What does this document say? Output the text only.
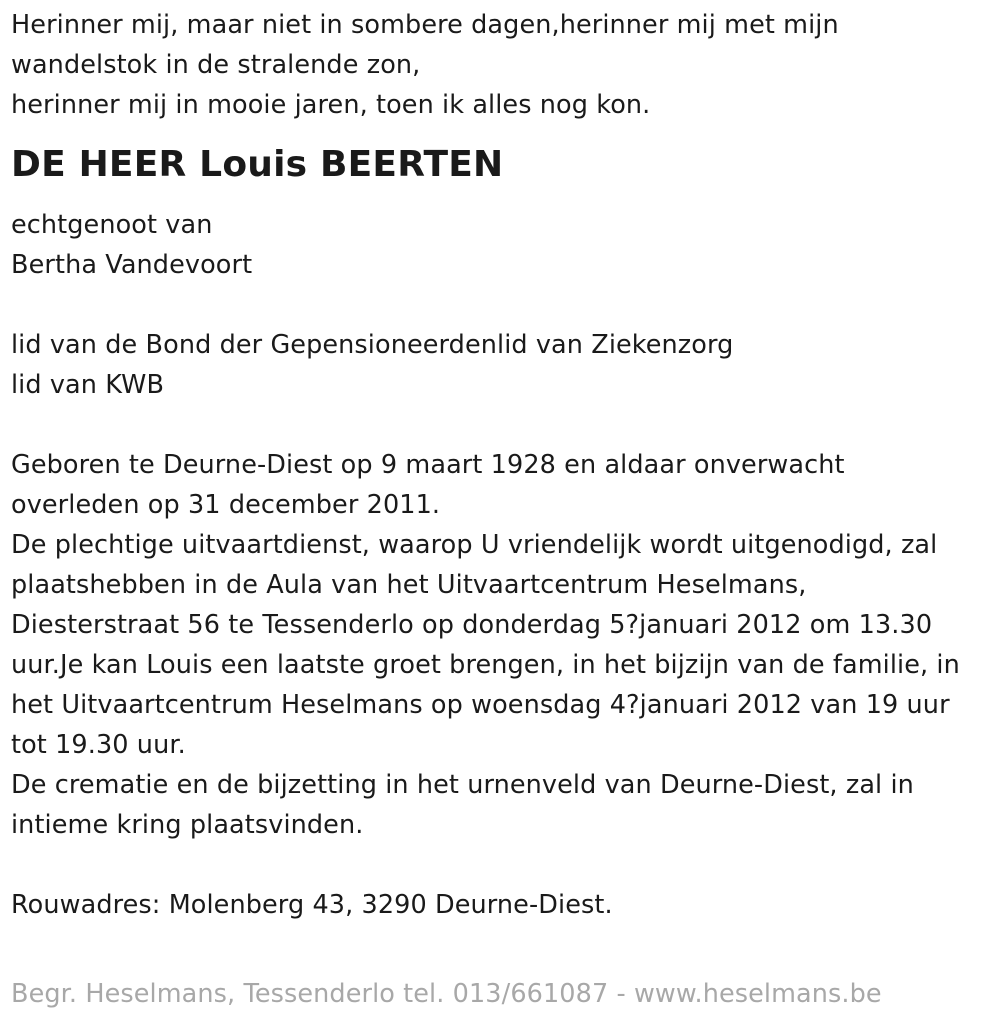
Herinner mij, maar niet in sombere dagen,herinner mij met mijn
wandelstok in de stralende zon,
herinner mij in mooie jaren, toen ik alles nog kon.
DE HEER Louis BEERTEN
echtgenoot van
Bertha Vandevoort
lid van de Bond der Gepensioneerdenlid van Ziekenzorg
lid van KWB
Geboren te Deurne-Diest op 9 maart 1928 en aldaar onverwacht
overleden op 31 december 2011.
De plechtige uitvaartdienst, waarop U vriendelijk wordt uitgenodigd, zal
plaatshebben in de Aula van het Uitvaartcentrum Heselmans,
Diesterstraat 56 te Tessenderlo op donderdag 5?januari 2012 om 13.30
uur.Je kan Louis een laatste groet brengen, in het bijzijn van de familie, in
het Uitvaartcentrum Heselmans op woensdag 4?januari 2012 van 19 uur
tot 19.30 uur.
De crematie en de bijzetting in het urnenveld van Deurne-Diest, zal in
intieme kring plaatsvinden.
Rouwadres: Molenberg 43, 3290 Deurne-Diest.
Begr. Heselmans, Tessenderlo tel. 013/661087 - www.heselmans.be
